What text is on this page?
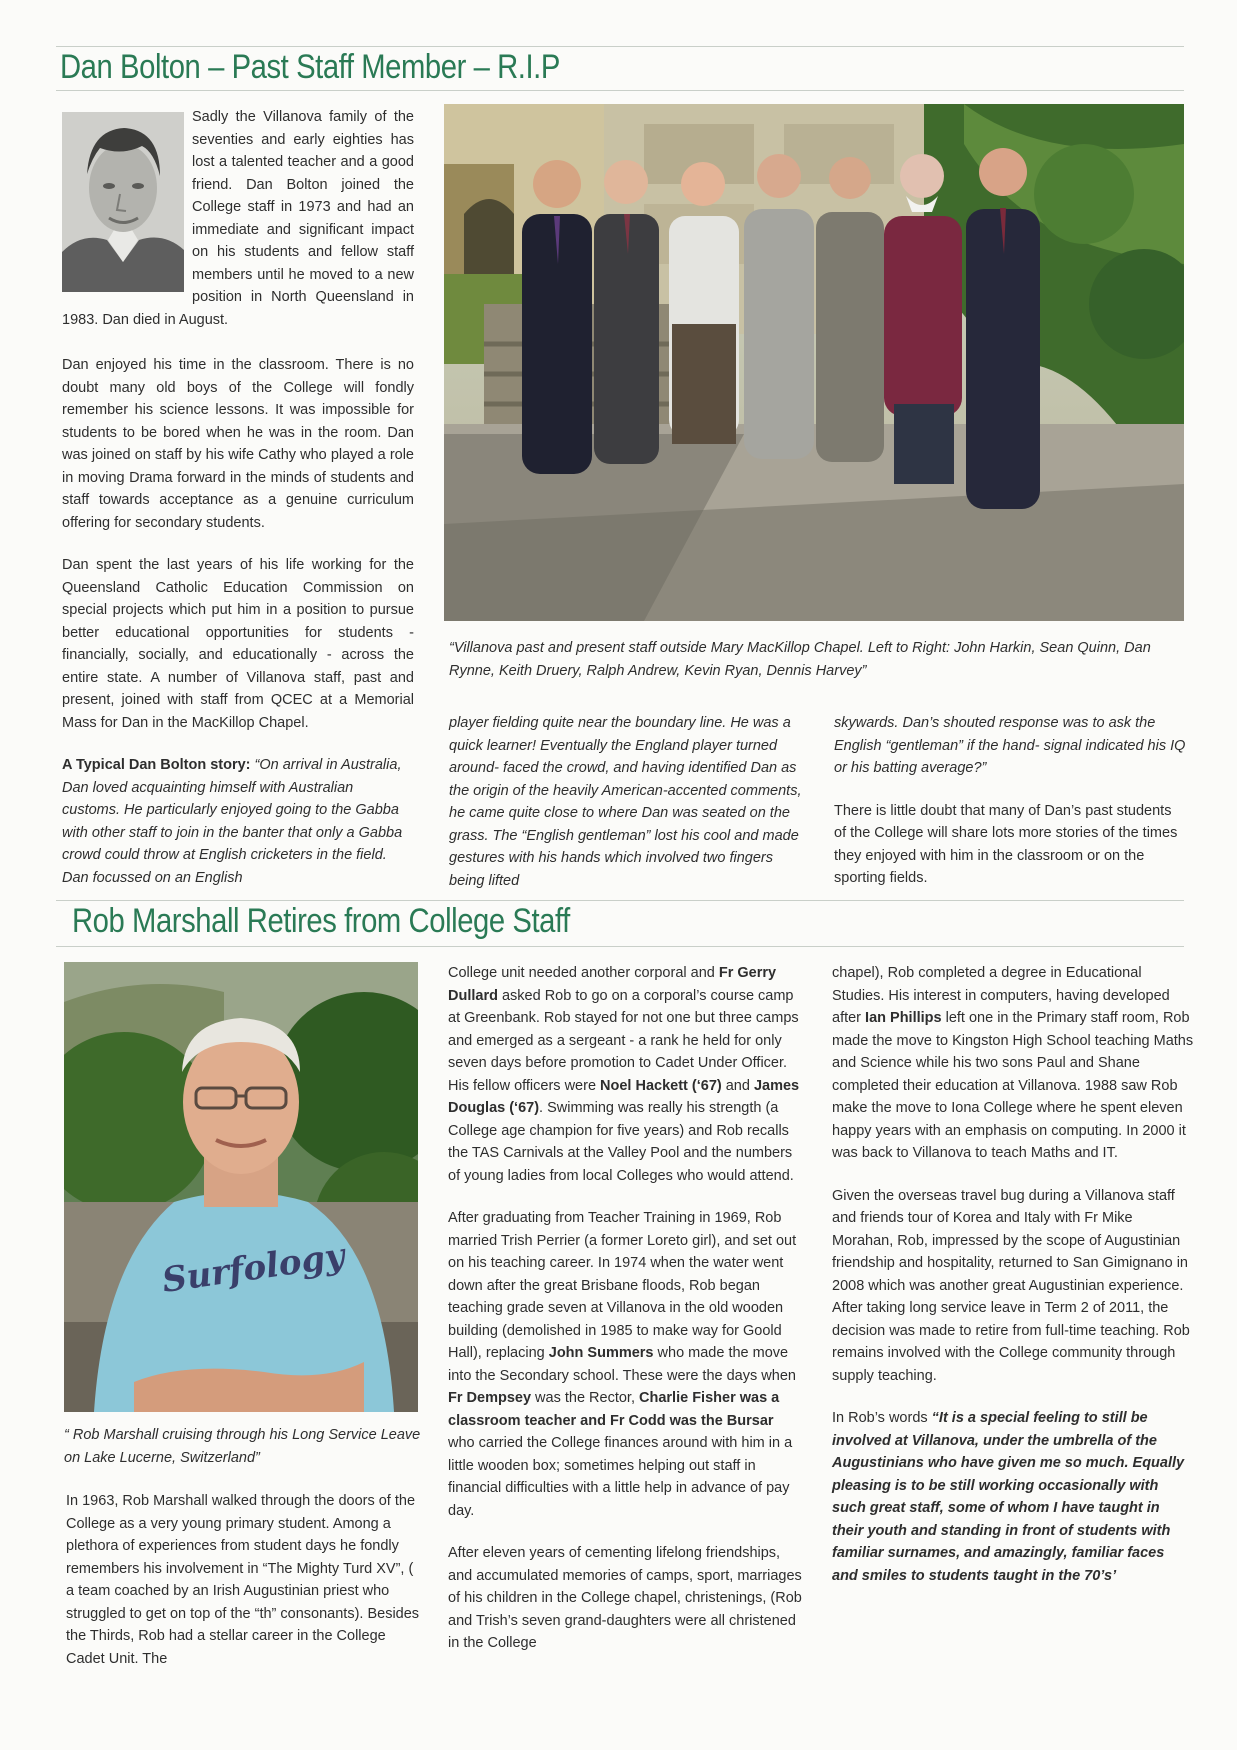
Dan Bolton – Past Staff Member – R.I.P
Sadly the Villanova family of the seventies and early eighties has lost a talented teacher and a good friend. Dan Bolton joined the College staff in 1973 and had an immediate and significant impact on his students and fellow staff members until he moved to a new position in North Queensland in 1983. Dan died in August.
Dan enjoyed his time in the classroom. There is no doubt many old boys of the College will fondly remember his science lessons. It was impossible for students to be bored when he was in the room. Dan was joined on staff by his wife Cathy who played a role in moving Drama forward in the minds of students and staff towards acceptance as a genuine curriculum offering for secondary students.
Dan spent the last years of his life working for the Queensland Catholic Education Commission on special projects which put him in a position to pursue better educational opportunities for students - financially, socially, and educationally - across the entire state. A number of Villanova staff, past and present, joined with staff from QCEC at a Memorial Mass for Dan in the MacKillop Chapel.
A Typical Dan Bolton story: “On arrival in Australia, Dan loved acquainting himself with Australian customs. He particularly enjoyed going to the Gabba with other staff to join in the banter that only a Gabba crowd could throw at English cricketers in the field. Dan focussed on an English
“Villanova past and present staff outside Mary MacKillop Chapel. Left to Right: John Harkin, Sean Quinn, Dan Rynne, Keith Druery, Ralph Andrew, Kevin Ryan, Dennis Harvey”
player fielding quite near the boundary line. He was a quick learner! Eventually the England player turned around- faced the crowd, and having identified Dan as the origin of the heavily American-accented comments, he came quite close to where Dan was seated on the grass. The “English gentleman” lost his cool and made gestures with his hands which involved two fingers being lifted

skywards. Dan’s shouted response was to ask the English “gentleman” if the hand- signal indicated his IQ or his batting average?”

There is little doubt that many of Dan’s past students of the College will share lots more stories of the times they enjoyed with him in the classroom or on the sporting fields.

Rob Marshall Retires from College Staff
Surfology
“ Rob Marshall cruising through his Long Service Leave on Lake Lucerne, Switzerland”
In 1963, Rob Marshall walked through the doors of the College as a very young primary student. Among a plethora of experiences from student days he fondly remembers his involvement in “The Mighty Turd XV”, ( a team coached by an Irish Augustinian priest who struggled to get on top of the “th” consonants). Besides the Thirds, Rob had a stellar career in the College Cadet Unit. The

College unit needed another corporal and Fr Gerry Dullard asked Rob to go on a corporal’s course camp at Greenbank. Rob stayed for not one but three camps and emerged as a sergeant - a rank he held for only seven days before promotion to Cadet Under Officer. His fellow officers were Noel Hackett (‘67) and James Douglas (‘67). Swimming was really his strength (a College age champion for five years) and Rob recalls the TAS Carnivals at the Valley Pool and the numbers of young ladies from local Colleges who would attend.

After graduating from Teacher Training in 1969, Rob married Trish Perrier (a former Loreto girl), and set out on his teaching career. In 1974 when the water went down after the great Brisbane floods, Rob began teaching grade seven at Villanova in the old wooden building (demolished in 1985 to make way for Goold Hall), replacing John Summers who made the move into the Secondary school. These were the days when Fr Dempsey was the Rector, Charlie Fisher was a classroom teacher and Fr Codd was the Bursar who carried the College finances around with him in a little wooden box; sometimes helping out staff in financial difficulties with a little help in advance of pay day.

After eleven years of cementing lifelong friendships, and accumulated memories of camps, sport, marriages of his children in the College chapel, christenings, (Rob and Trish’s seven grand-daughters were all christened in the College

chapel), Rob completed a degree in Educational Studies. His interest in computers, having developed after Ian Phillips left one in the Primary staff room, Rob made the move to Kingston High School teaching Maths and Science while his two sons Paul and Shane completed their education at Villanova. 1988 saw Rob make the move to Iona College where he spent eleven happy years with an emphasis on computing. In 2000 it was back to Villanova to teach Maths and IT.

Given the overseas travel bug during a Villanova staff and friends tour of Korea and Italy with Fr Mike Morahan, Rob, impressed by the scope of Augustinian friendship and hospitality, returned to San Gimignano in 2008 which was another great Augustinian experience. After taking long service leave in Term 2 of 2011, the decision was made to retire from full-time teaching. Rob remains involved with the College community through supply teaching.

In Rob’s words “It is a special feeling to still be involved at Villanova, under the umbrella of the Augustinians who have given me so much. Equally pleasing is to be still working occasionally with such great staff, some of whom I have taught in their youth and standing in front of students with familiar surnames, and amazingly, familiar faces and smiles to students taught in the 70’s’
